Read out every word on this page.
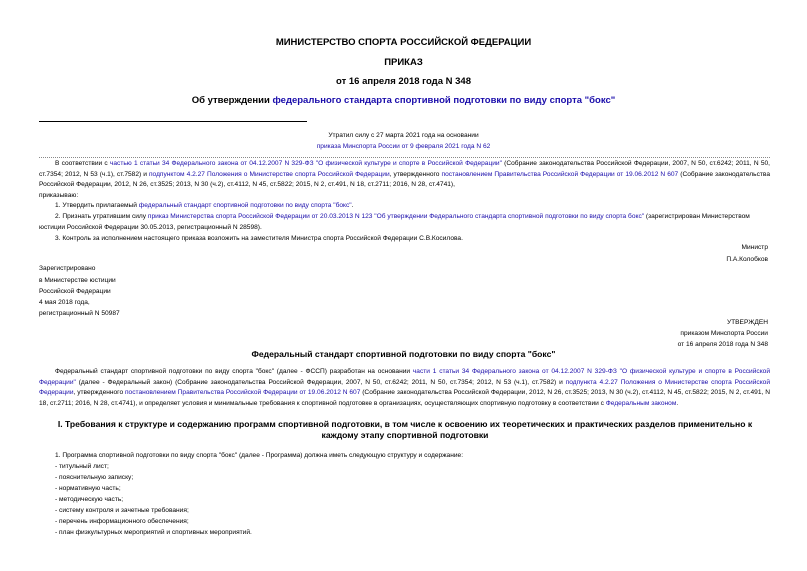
МИНИСТЕРСТВО СПОРТА РОССИЙСКОЙ ФЕДЕРАЦИИ
ПРИКАЗ
от 16 апреля 2018 года N 348
Об утверждении федерального стандарта спортивной подготовки по виду спорта "бокс"
Утратил силу с 27 марта 2021 года на основании
приказа Минспорта России от 9 февраля 2021 года N 62

В соответствии с частью 1 статьи 34 Федерального закона от 04.12.2007 N 329-ФЗ "О физической культуре и спорте в Российской Федерации" (Собрание законодательства Российской Федерации, 2007, N 50, ст.6242; 2011, N 50, ст.7354; 2012, N 53 (ч.1), ст.7582) и подпунктом 4.2.27 Положения о Министерстве спорта Российской Федерации, утвержденного постановлением Правительства Российской Федерации от 19.06.2012 N 607 (Собрание законодательства Российской Федерации, 2012, N 26, ст.3525; 2013, N 30 (ч.2), ст.4112, N 45, ст.5822; 2015, N 2, ст.491, N 18, ст.2711; 2016, N 28, ст.4741),

приказываю:

1. Утвердить прилагаемый федеральный стандарт спортивной подготовки по виду спорта "бокс".

2. Признать утратившим силу приказ Министерства спорта Российской Федерации от 20.03.2013 N 123 "Об утверждении Федерального стандарта спортивной подготовки по виду спорта бокс" (зарегистрирован Министерством юстиции Российской Федерации 30.05.2013, регистрационный N 28598).

3. Контроль за исполнением настоящего приказа возложить на заместителя Министра спорта Российской Федерации С.В.Косилова.

Министр
П.А.Колобков
Зарегистрировано
в Министерстве юстиции
Российской Федерации
4 мая 2018 года,
регистрационный N 50987
УТВЕРЖДЕН
приказом Минспорта России
от 16 апреля 2018 года N 348
Федеральный стандарт спортивной подготовки по виду спорта "бокс"

Федеральный стандарт спортивной подготовки по виду спорта "бокс" (далее - ФССП) разработан на основании части 1 статьи 34 Федерального закона от 04.12.2007 N 329-ФЗ "О физической культуре и спорте в Российской Федерации" (далее - Федеральный закон) (Собрание законодательства Российской Федерации, 2007, N 50, ст.6242; 2011, N 50, ст.7354; 2012, N 53 (ч.1), ст.7582) и подпункта 4.2.27 Положения о Министерстве спорта Российской Федерации, утвержденного постановлением Правительства Российской Федерации от 19.06.2012 N 607 (Собрание законодательства Российской Федерации, 2012, N 26, ст.3525; 2013, N 30 (ч.2), ст.4112, N 45, ст.5822; 2015, N 2, ст.491, N 18, ст.2711; 2016, N 28, ст.4741), и определяет условия и минимальные требования к спортивной подготовке в организациях, осуществляющих спортивную подготовку в соответствии с Федеральным законом.

I. Требования к структуре и содержанию программ спортивной подготовки, в том числе к освоению их теоретических и практических разделов применительно к каждому этапу спортивной подготовки
1. Программа спортивной подготовки по виду спорта "бокс" (далее - Программа) должна иметь следующую структуру и содержание:
- титульный лист;
- пояснительную записку;
- нормативную часть;
- методическую часть;
- систему контроля и зачетные требования;
- перечень информационного обеспечения;
- план физкультурных мероприятий и спортивных мероприятий.
